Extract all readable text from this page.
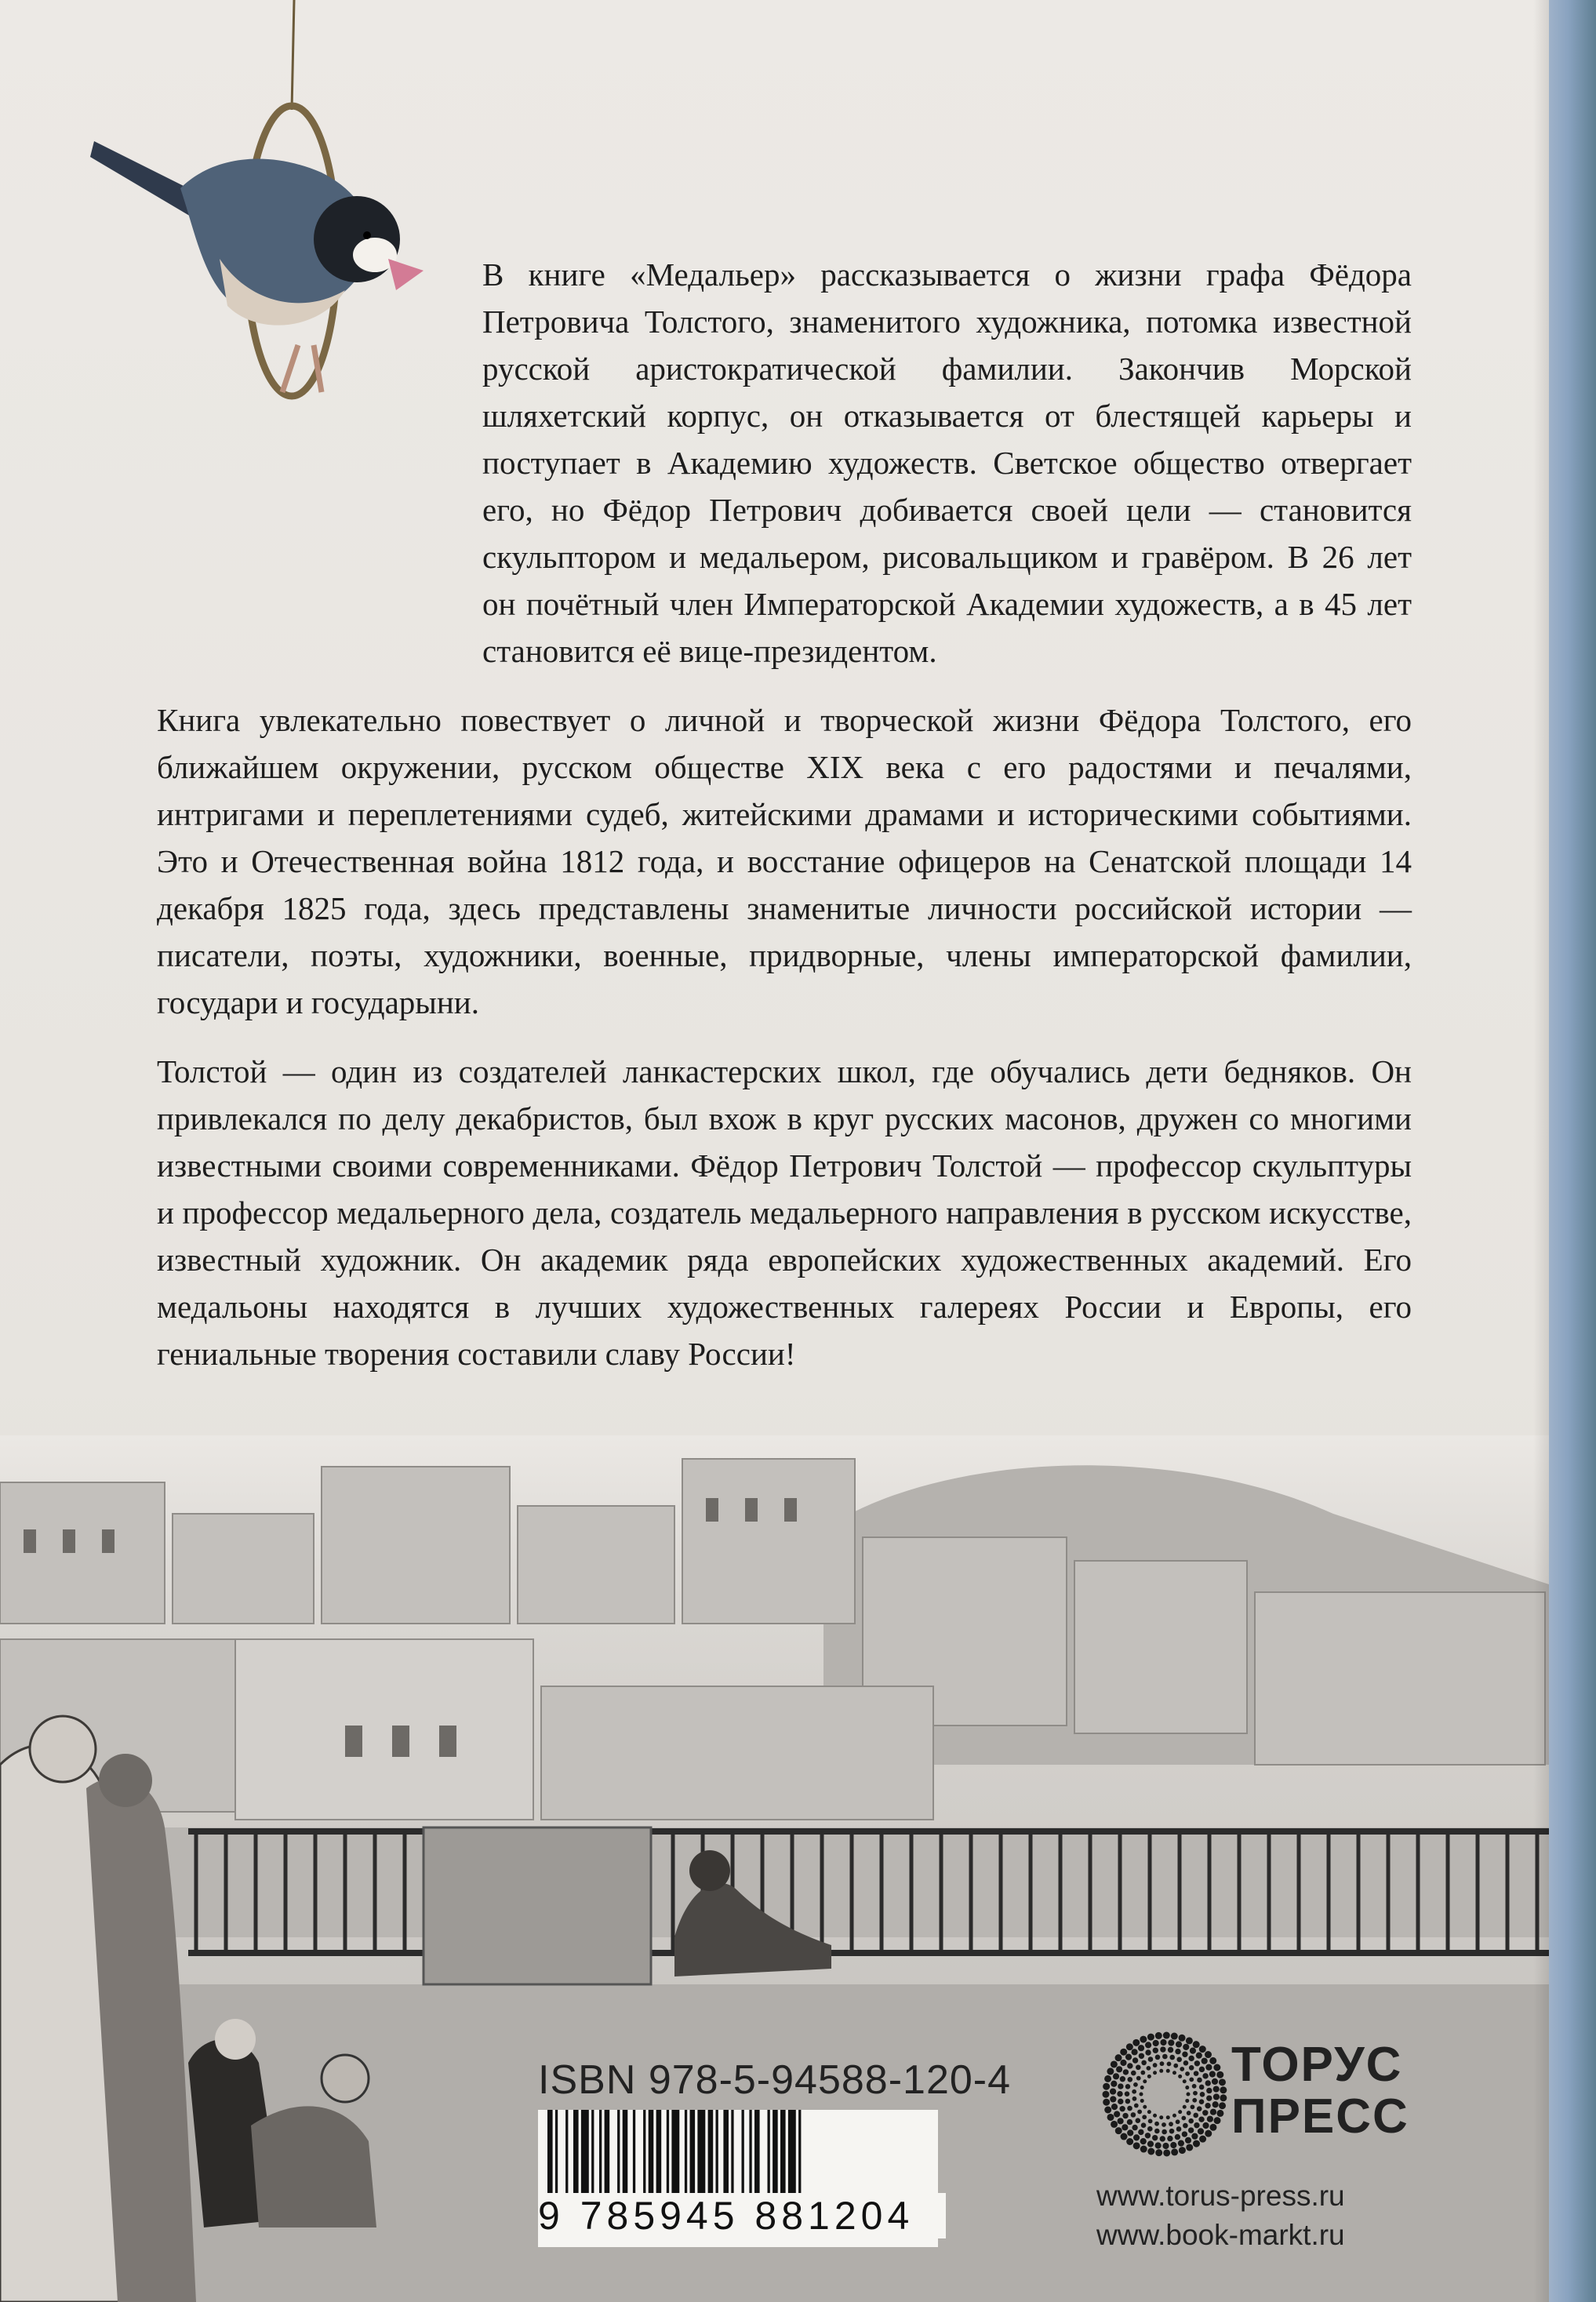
В книге «Медальер» рассказывается о жизни графа Фёдора Петровича Толстого, знаменитого художника, потомка известной русской аристократической фамилии. Закончив Морской шляхетский корпус, он отказывается от блестящей карьеры и поступает в Академию художеств. Светское общество отвергает его, но Фёдор Петрович добивается своей цели — становится скульптором и медальером, рисовальщиком и гравёром. В 26 лет он почётный член Императорской Академии художеств, а в 45 лет становится её вице-президентом.

Книга увлекательно повествует о личной и творческой жизни Фёдора Толстого, его ближайшем окружении, русском обществе XIX века с его радостями и печалями, интригами и переплетениями судеб, житейскими драмами и историческими событиями. Это и Отечественная война 1812 года, и восстание офицеров на Сенатской площади 14 декабря 1825 года, здесь представлены знаменитые личности российской истории — писатели, поэты, художники, военные, придворные, члены императорской фамилии, государи и государыни.

Толстой — один из создателей ланкастерских школ, где обучались дети бедняков. Он привлекался по делу декабристов, был вхож в круг русских масонов, дружен со многими известными своими современниками. Фёдор Петрович Толстой — профессор скульптуры и профессор медальерного дела, создатель медальерного направления в русском искусстве, известный художник. Он академик ряда европейских художественных академий. Его медальоны находятся в лучших художественных галереях России и Европы, его гениальные творения составили славу России!

ISBN 978-5-94588-120-4
9 785945 881204
ТОРУС
ПРЕСС
www.torus-press.ru
www.book-markt.ru
